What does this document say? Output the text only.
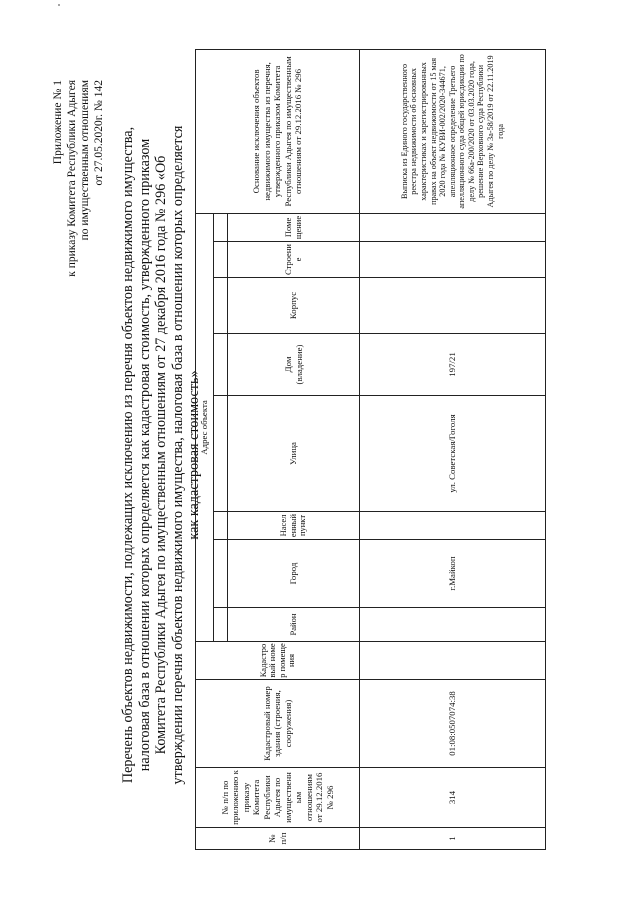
Приложение № 1 к приказу Комитета Республики Адыгея по имущественным отношениям от 27.05.2020г. № 142 Перечень объектов недвижимости, подлежащих исключению из перечня объектов недвижимого имущества, налоговая база в отношении которых определяется как кадастровая стоимость, утвержденного приказом Комитета Республики Адыгея по имущественным отношениям от 27 декабря 2016 года № 296 «Об утверждении перечня объектов недвижимого имущества, налоговая база в отношении которых определяется как кадастровая стоимость»
№ п/п	№ п/п по приложению к приказу Комитета Республики Адыгея по имущественным отношениям от 29.12.2016 № 296	Кадастровый номер здания (строения, сооружения)	Кадастровый номер помещения	Адрес объекта								Основание исключения объектов недвижимого имущества из перечня, утвержденного приказом Комитета Республики Адыгея по имущественным отношениям от 29.12.2016 № 296

				Район	Город	Населенный пункт	Улица	Дом (владение)	Корпус	Строение	Помещение	
1	314	01:08:0507074:38			г.Майкоп		ул. Советская/Гоголя	197/21				Выписка из Единого государственного реестра недвижимости об основных характеристиках и зарегистрированных правах на объект недвижимости от 15 мая 2020 года № КУВИ-002/2020-344671, апелляционное определение Третьего апелляционного суда общей юрисдикции по делу № 66а-200/2020 от 03.03.2020 года, решение Верховного суда Республики Адыгея по делу № 3а-58/2019 от 22.11.2019 года
